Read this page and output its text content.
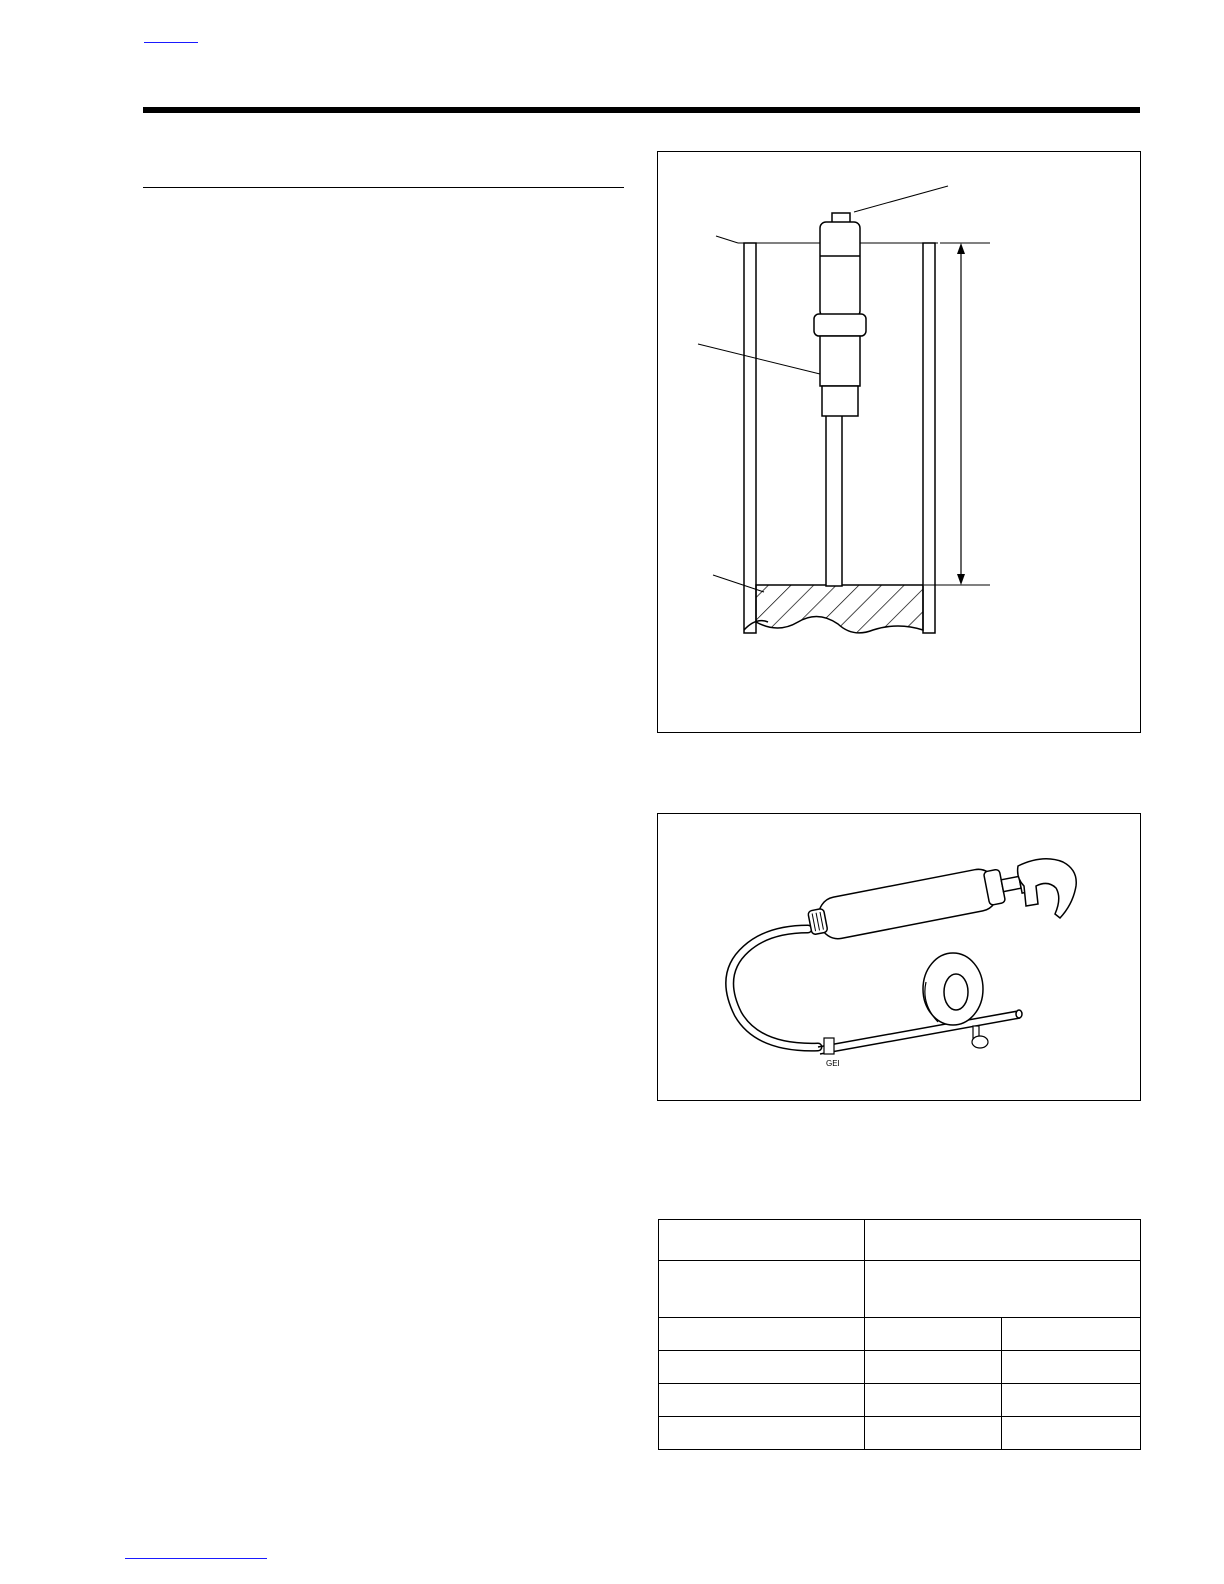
GEI
